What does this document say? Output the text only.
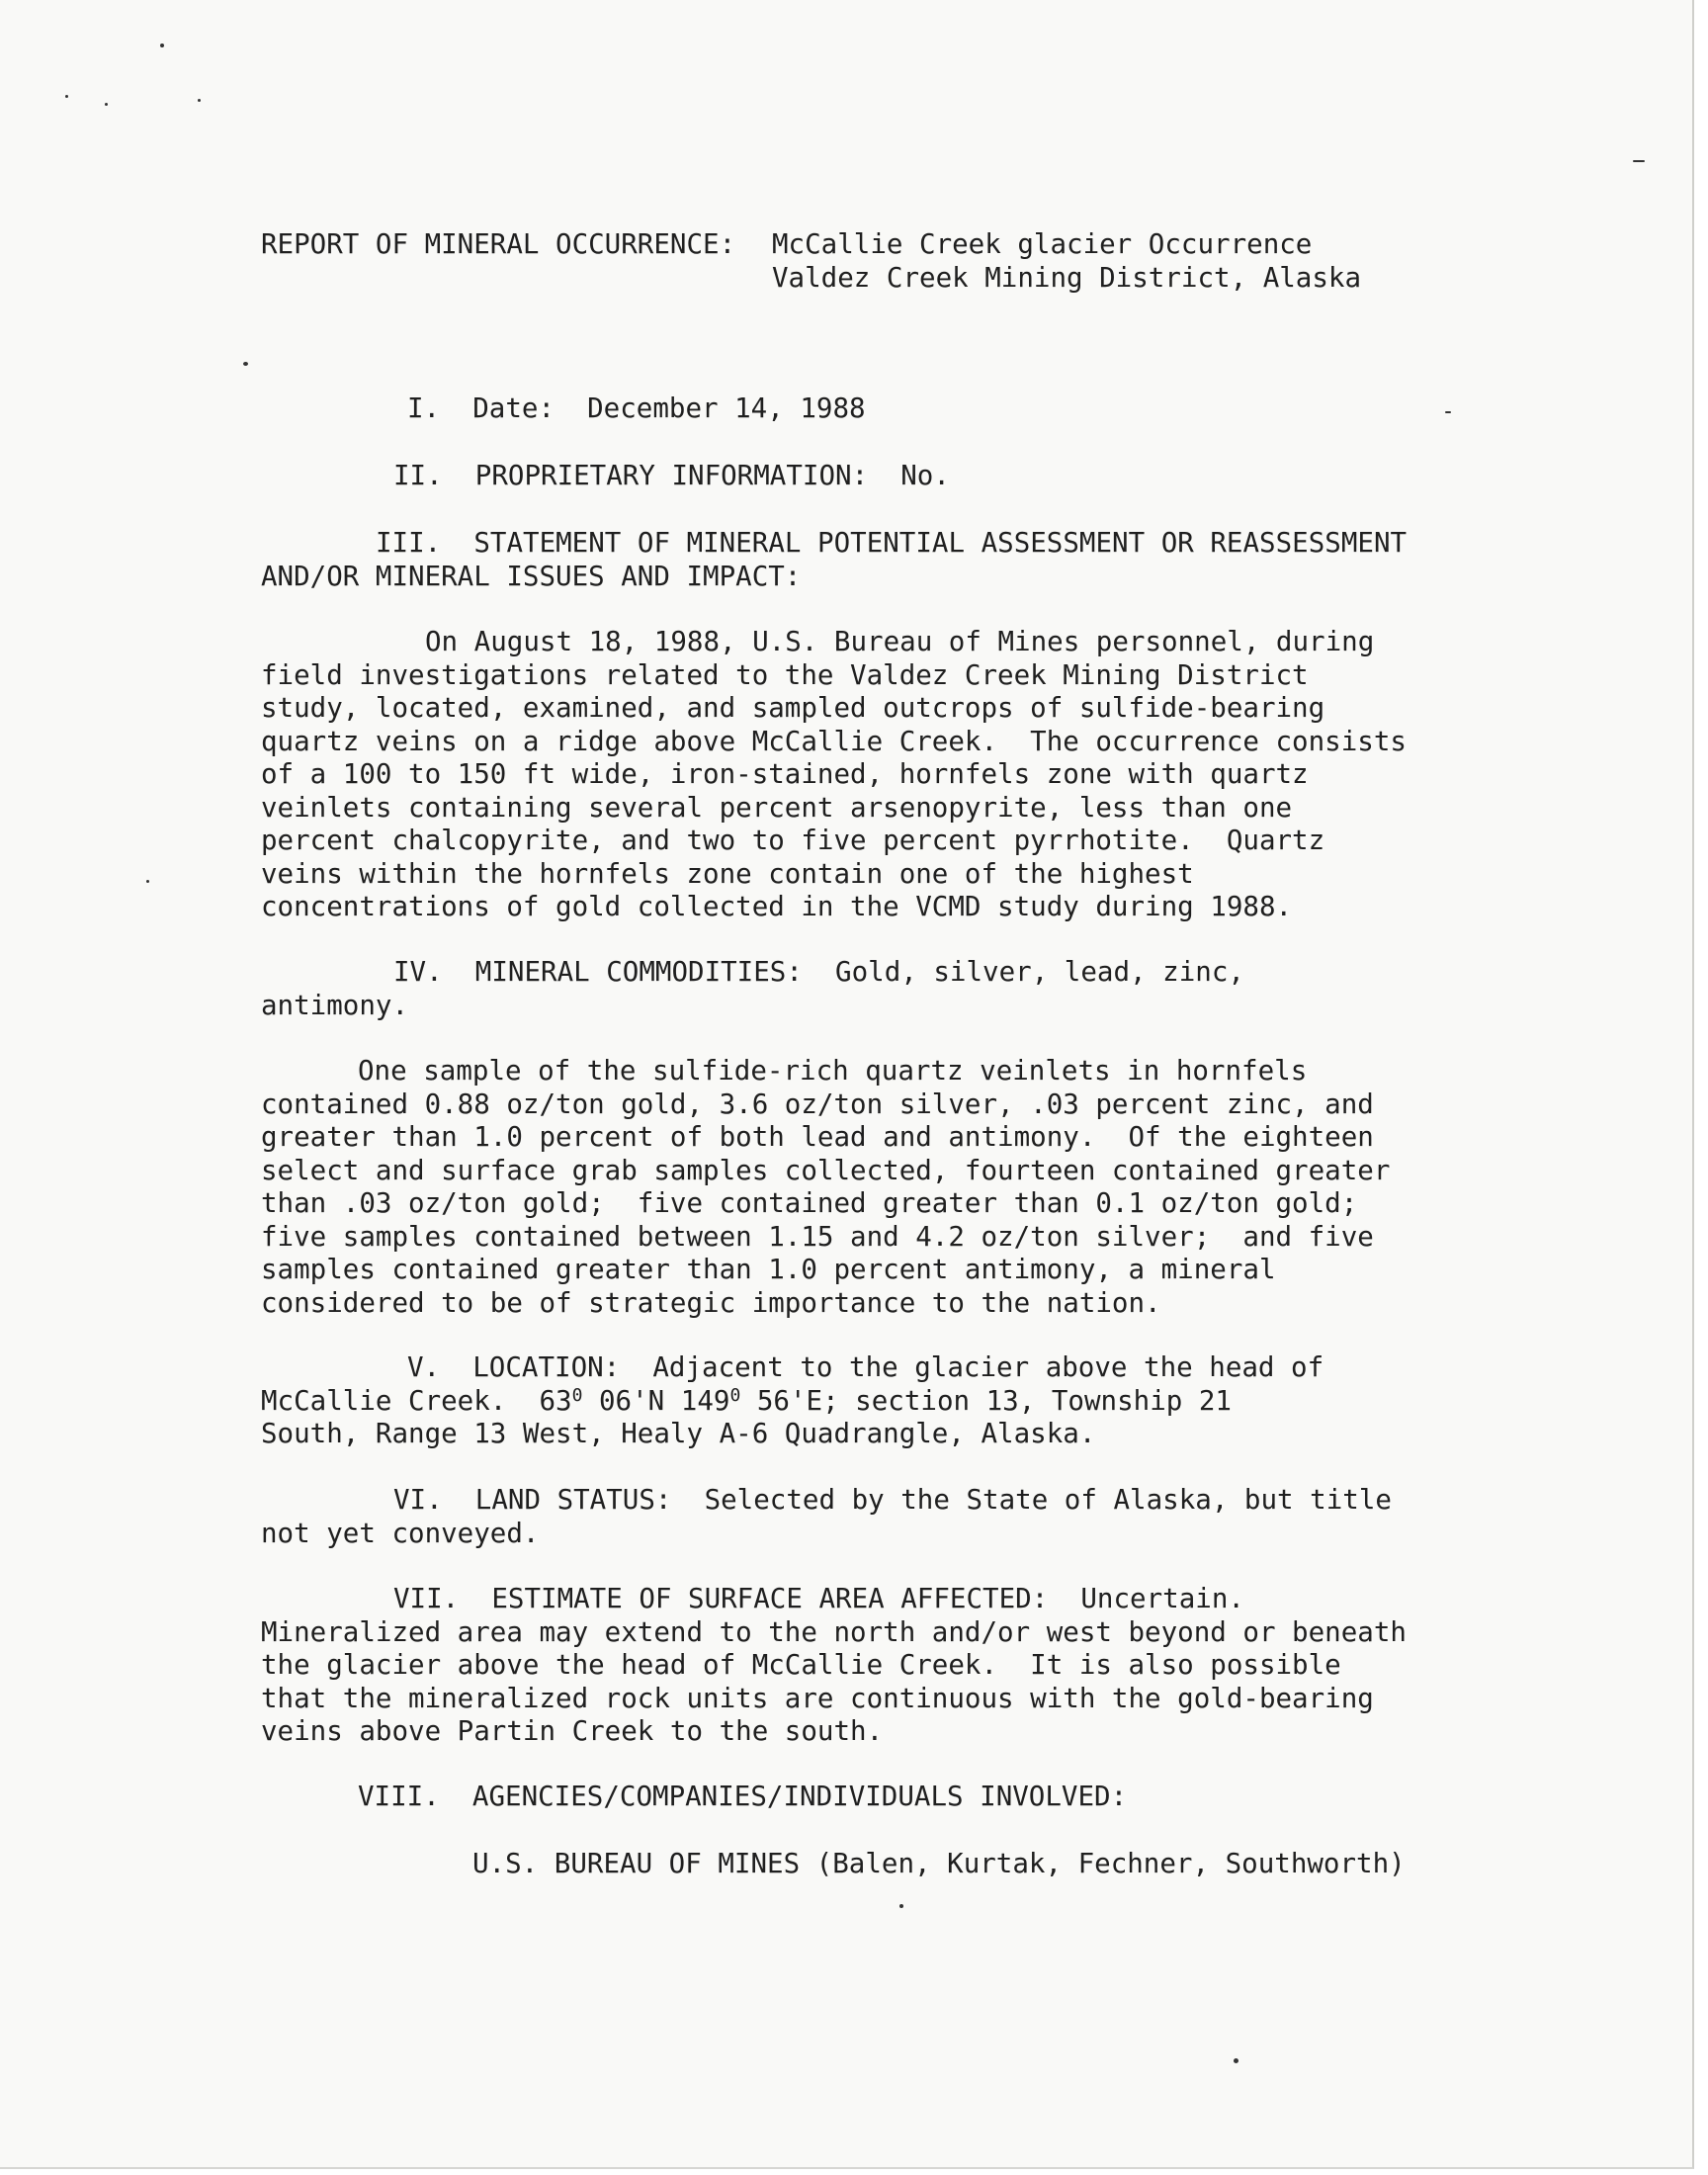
REPORT OF MINERAL OCCURRENCE:

McCallie Creek glacier Occurrence

Valdez Creek Mining District, Alaska

I.  Date:  December 14, 1988

II.  PROPRIETARY INFORMATION:  No.

III.  STATEMENT OF MINERAL POTENTIAL ASSESSMENT OR REASSESSMENT

AND/OR MINERAL ISSUES AND IMPACT:

On August 18, 1988, U.S. Bureau of Mines personnel, during

field investigations related to the Valdez Creek Mining District

study, located, examined, and sampled outcrops of sulfide-bearing

quartz veins on a ridge above McCallie Creek.  The occurrence consists

of a 100 to 150 ft wide, iron-stained, hornfels zone with quartz

veinlets containing several percent arsenopyrite, less than one

percent chalcopyrite, and two to five percent pyrrhotite.  Quartz

veins within the hornfels zone contain one of the highest

concentrations of gold collected in the VCMD study during 1988.

IV.  MINERAL COMMODITIES:  Gold, silver, lead, zinc,

antimony.

One sample of the sulfide-rich quartz veinlets in hornfels

contained 0.88 oz/ton gold, 3.6 oz/ton silver, .03 percent zinc, and

greater than 1.0 percent of both lead and antimony.  Of the eighteen

select and surface grab samples collected, fourteen contained greater

than .03 oz/ton gold;  five contained greater than 0.1 oz/ton gold;

five samples contained between 1.15 and 4.2 oz/ton silver;  and five

samples contained greater than 1.0 percent antimony, a mineral

considered to be of strategic importance to the nation.

V.  LOCATION:  Adjacent to the glacier above the head of

McCallie Creek.  $63^0$ 06'N $149^0$ 56'E; section 13, Township 21

South, Range 13 West, Healy A-6 Quadrangle, Alaska.

VI.  LAND STATUS:  Selected by the State of Alaska, but title

not yet conveyed.

VII.  ESTIMATE OF SURFACE AREA AFFECTED:  Uncertain.

Mineralized area may extend to the north and/or west beyond or beneath

the glacier above the head of McCallie Creek.  It is also possible

that the mineralized rock units are continuous with the gold-bearing

veins above Partin Creek to the south.

VIII.  AGENCIES/COMPANIES/INDIVIDUALS INVOLVED:

U.S. BUREAU OF MINES (Balen, Kurtak, Fechner, Southworth)
